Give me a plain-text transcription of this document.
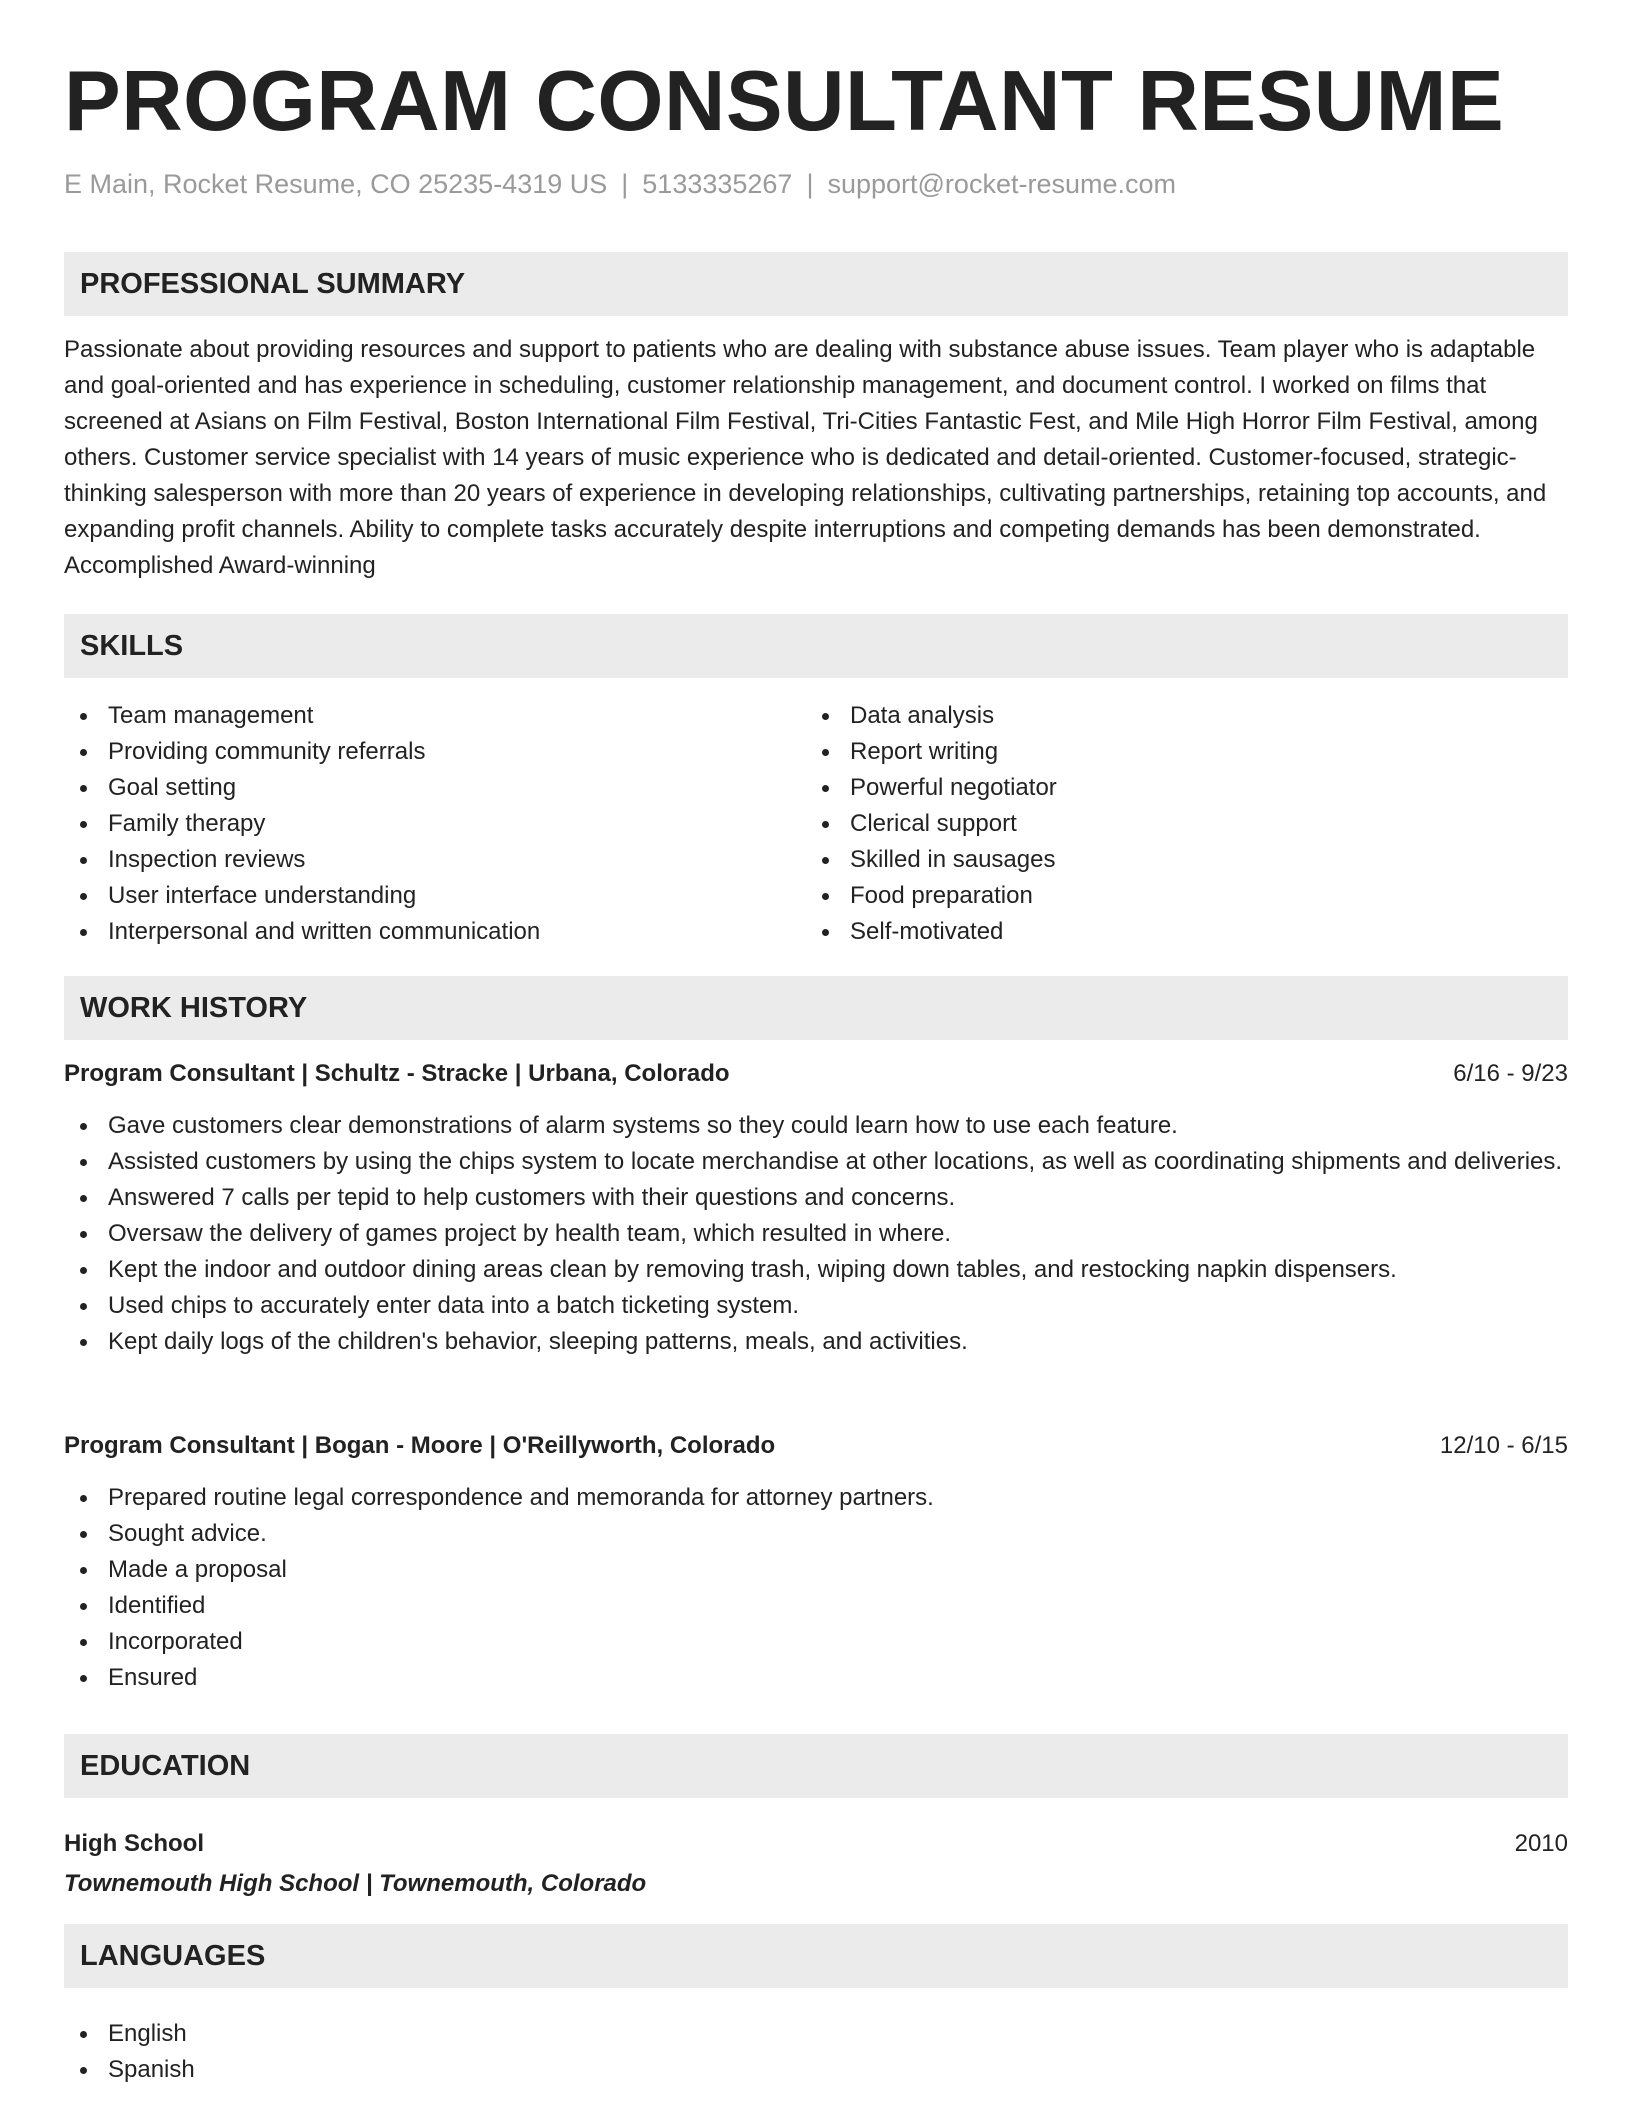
PROGRAM CONSULTANT RESUME
E Main, Rocket Resume, CO 25235-4319 US | 5133335267 | support@rocket-resume.com
PROFESSIONAL SUMMARY

Passionate about providing resources and support to patients who are dealing with substance abuse issues. Team player who is adaptable and goal-oriented and has experience in scheduling, customer relationship management, and document control. I worked on films that screened at Asians on Film Festival, Boston International Film Festival, Tri-Cities Fantastic Fest, and Mile High Horror Film Festival, among others. Customer service specialist with 14 years of music experience who is dedicated and detail-oriented. Customer-focused, strategic-thinking salesperson with more than 20 years of experience in developing relationships, cultivating partnerships, retaining top accounts, and expanding profit channels. Ability to complete tasks accurately despite interruptions and competing demands has been demonstrated. Accomplished Award-winning

SKILLS
Team management
Providing community referrals
Goal setting
Family therapy
Inspection reviews
User interface understanding
Interpersonal and written communication
Data analysis
Report writing
Powerful negotiator
Clerical support
Skilled in sausages
Food preparation
Self-motivated
WORK HISTORY
Program Consultant | Schultz - Stracke | Urbana, Colorado	6/16 - 9/23
Gave customers clear demonstrations of alarm systems so they could learn how to use each feature.
Assisted customers by using the chips system to locate merchandise at other locations, as well as coordinating shipments and deliveries.
Answered 7 calls per tepid to help customers with their questions and concerns.
Oversaw the delivery of games project by health team, which resulted in where.
Kept the indoor and outdoor dining areas clean by removing trash, wiping down tables, and restocking napkin dispensers.
Used chips to accurately enter data into a batch ticketing system.
Kept daily logs of the children's behavior, sleeping patterns, meals, and activities.
Program Consultant | Bogan - Moore | O'Reillyworth, Colorado	12/10 - 6/15
Prepared routine legal correspondence and memoranda for attorney partners.
Sought advice.
Made a proposal
Identified
Incorporated
Ensured
EDUCATION
High School	2010
Townemouth High School | Townemouth, Colorado
LANGUAGES
English
Spanish
